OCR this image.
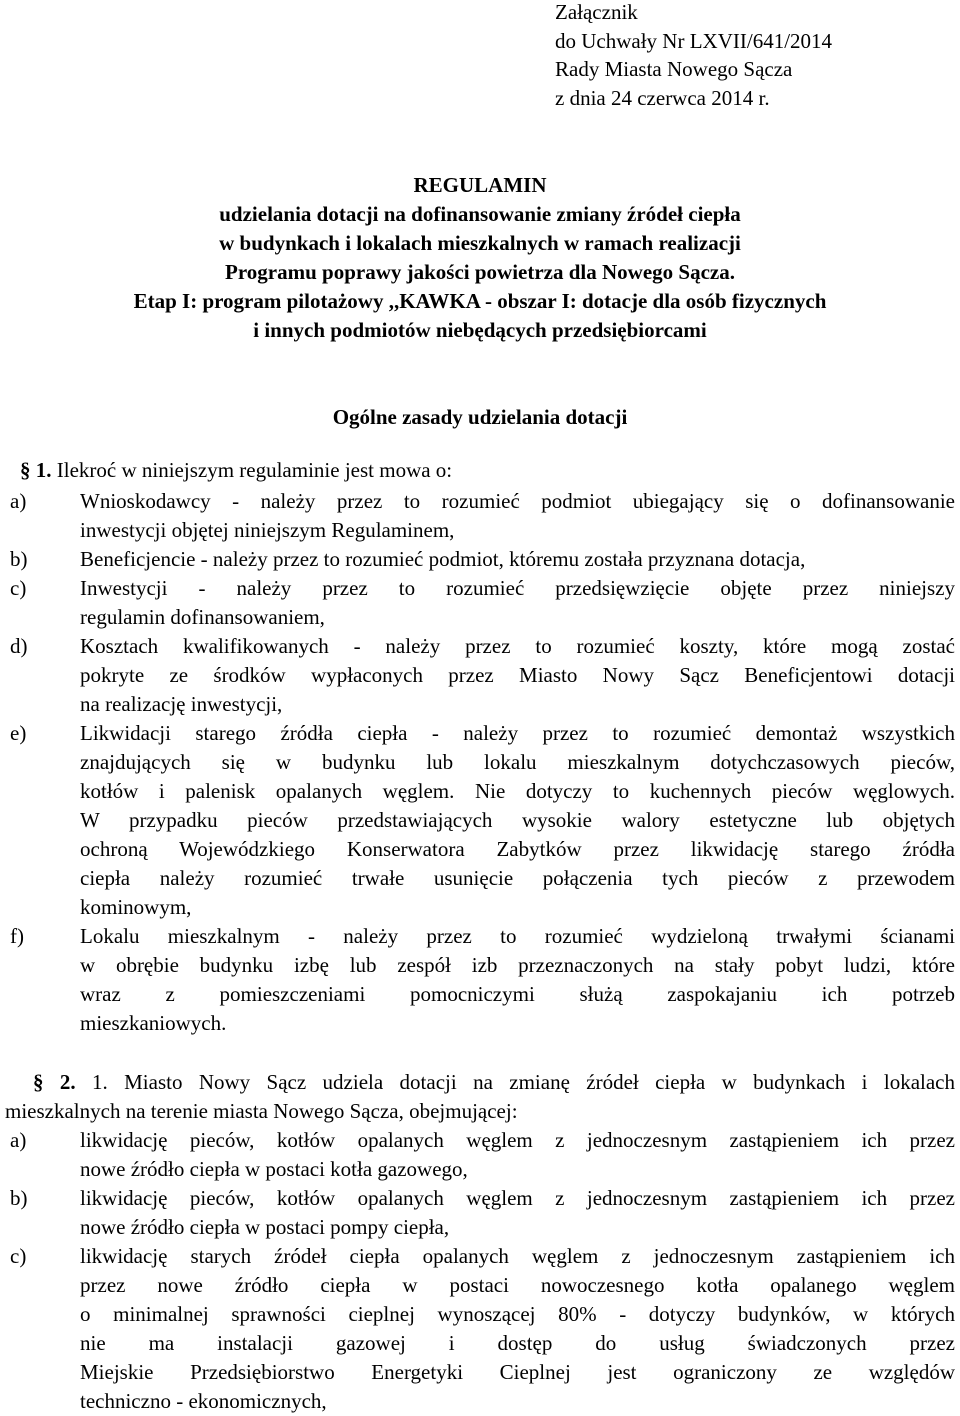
Załącznik
do Uchwały Nr LXVII/641/2014
Rady Miasta Nowego Sącza
z dnia 24 czerwca 2014 r.
REGULAMIN
udzielania dotacji na dofinansowanie zmiany źródeł ciepła
w budynkach i lokalach mieszkalnych w ramach realizacji
Programu poprawy jakości powietrza dla Nowego Sącza.
Etap I: program pilotażowy ,,KAWKA - obszar I: dotacje dla osób fizycznych
i innych podmiotów niebędących przedsiębiorcami
Ogólne zasady udzielania dotacji
§ 1. Ilekroć w niniejszym regulaminie jest mowa o:
a)	Wnioskodawcy - należy przez to rozumieć podmiot ubiegający się o dofinansowanie
inwestycji objętej niniejszym Regulaminem,
b)	Beneficjencie - należy przez to rozumieć podmiot, któremu została przyznana dotacja,
c)	Inwestycji - należy przez to rozumieć przedsięwzięcie objęte przez niniejszy
regulamin dofinansowaniem,
d)	Kosztach kwalifikowanych - należy przez to rozumieć koszty, które mogą zostać
pokryte ze środków wypłaconych przez Miasto Nowy Sącz Beneficjentowi dotacji
na realizację inwestycji,
e)	Likwidacji starego źródła ciepła - należy przez to rozumieć demontaż wszystkich
znajdujących się w budynku lub lokalu mieszkalnym dotychczasowych pieców,
kotłów i palenisk opalanych węglem. Nie dotyczy to kuchennych pieców węglowych.
W przypadku pieców przedstawiających wysokie walory estetyczne lub objętych
ochroną Wojewódzkiego Konserwatora Zabytków przez likwidację starego źródła
ciepła należy rozumieć trwałe usunięcie połączenia tych pieców z przewodem
kominowym,
f)	Lokalu mieszkalnym - należy przez to rozumieć wydzieloną trwałymi ścianami
w obrębie budynku izbę lub zespół izb przeznaczonych na stały pobyt ludzi, które
wraz z pomieszczeniami pomocniczymi służą zaspokajaniu ich potrzeb
mieszkaniowych.
§ 2. 1. Miasto Nowy Sącz udziela dotacji na zmianę źródeł ciepła w budynkach i lokalach
mieszkalnych na terenie miasta Nowego Sącza, obejmującej:
a)	likwidację pieców, kotłów opalanych węglem z jednoczesnym zastąpieniem ich przez
nowe źródło ciepła w postaci kotła gazowego,
b)	likwidację pieców, kotłów opalanych węglem z jednoczesnym zastąpieniem ich przez
nowe źródło ciepła w postaci pompy ciepła,
c)	likwidację starych źródeł ciepła opalanych węglem z jednoczesnym zastąpieniem ich
przez nowe źródło ciepła w postaci nowoczesnego kotła opalanego węglem
o minimalnej sprawności cieplnej wynoszącej 80% - dotyczy budynków, w których
nie ma instalacji gazowej i dostęp do usług świadczonych przez
Miejskie Przedsiębiorstwo Energetyki Cieplnej jest ograniczony ze względów
techniczno - ekonomicznych,
